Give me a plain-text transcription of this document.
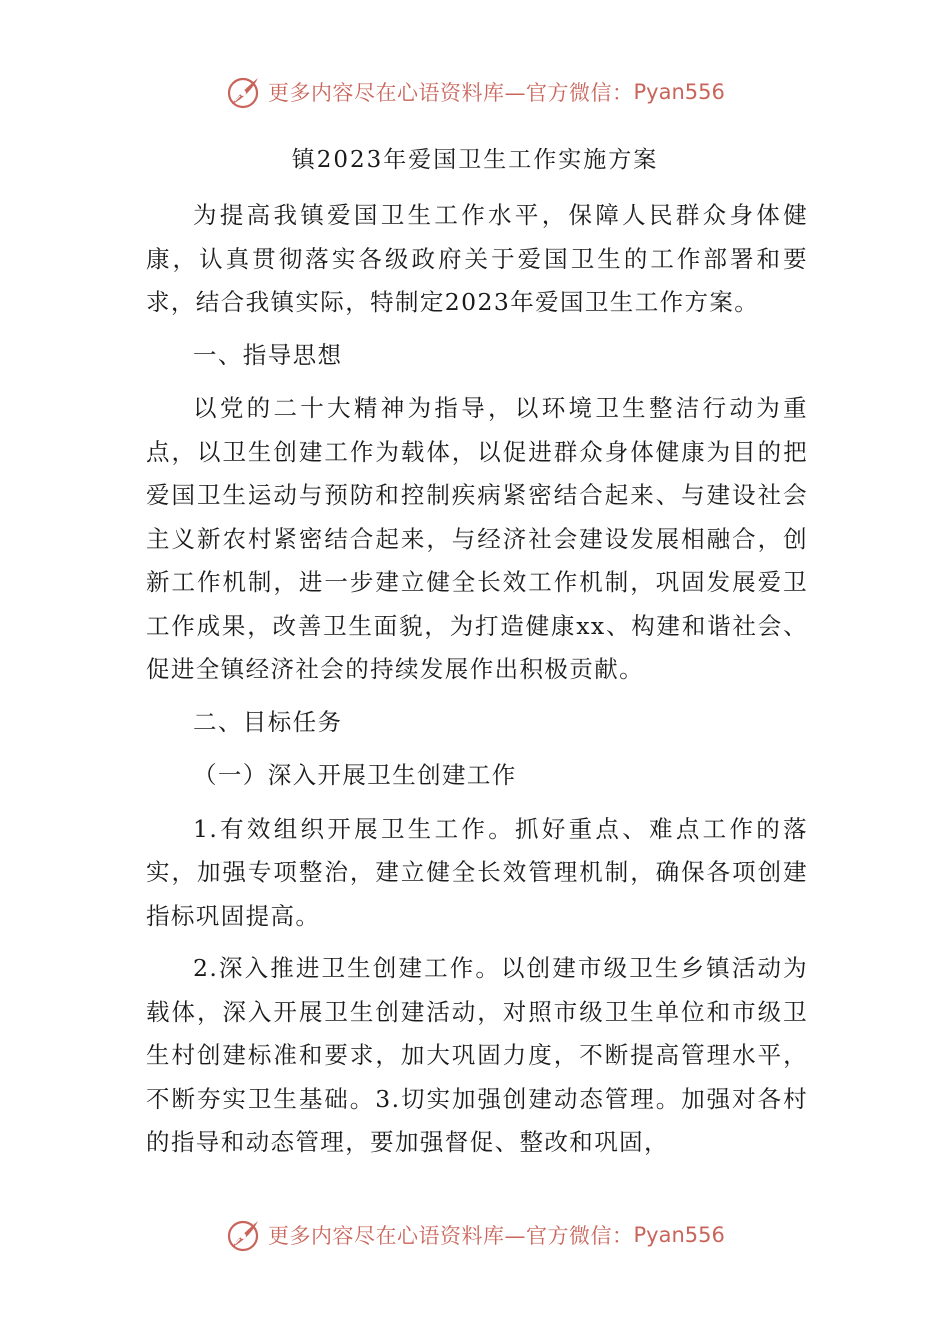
更多内容尽在心语资料库—官方微信： Pyan556
镇2023年爱国卫生工作实施方案

为提高我镇爱国卫生工作水平，保障人民群众身体健康，认真贯彻落实各级政府关于爱国卫生的工作部署和要求，结合我镇实际，特制定2023年爱国卫生工作方案。

一、指导思想

以党的二十大精神为指导，以环境卫生整洁行动为重点，以卫生创建工作为载体，以促进群众身体健康为目的把爱国卫生运动与预防和控制疾病紧密结合起来、与建设社会主义新农村紧密结合起来，与经济社会建设发展相融合，创新工作机制，进一步建立健全长效工作机制，巩固发展爱卫工作成果，改善卫生面貌，为打造健康xx、构建和谐社会、促进全镇经济社会的持续发展作出积极贡献。

二、目标任务

（一）深入开展卫生创建工作

1.有效组织开展卫生工作。抓好重点、难点工作的落实，加强专项整治，建立健全长效管理机制，确保各项创建指标巩固提高。

2.深入推进卫生创建工作。以创建市级卫生乡镇活动为载体，深入开展卫生创建活动，对照市级卫生单位和市级卫生村创建标准和要求，加大巩固力度，不断提高管理水平，不断夯实卫生基础。3.切实加强创建动态管理。加强对各村的指导和动态管理，要加强督促、整改和巩固，

更多内容尽在心语资料库—官方微信： Pyan556
